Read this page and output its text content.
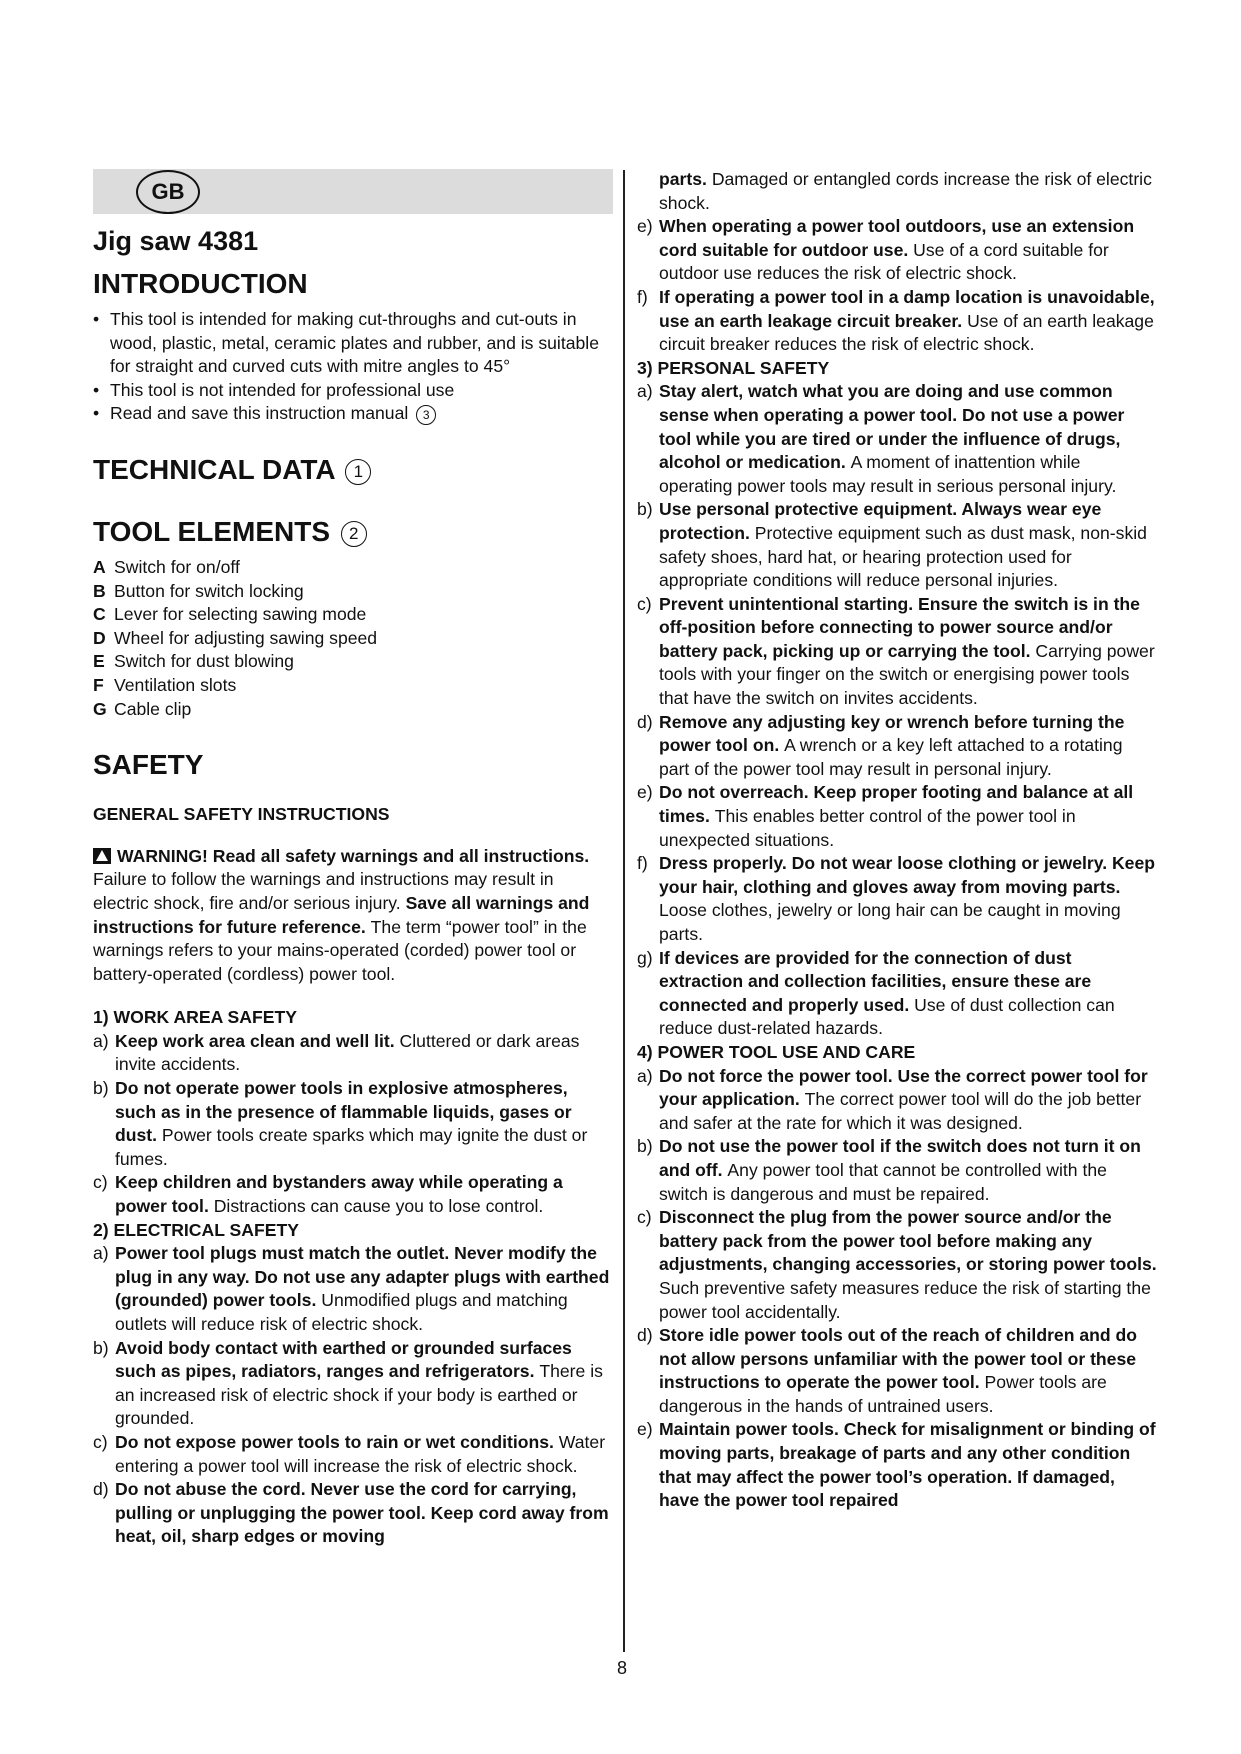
GB
Jig saw 4381
INTRODUCTION
• This tool is intended for making cut-throughs and cut-outs in wood, plastic, metal, ceramic plates and rubber, and is suitable for straight and curved cuts with mitre angles to 45°
• This tool is not intended for professional use
• Read and save this instruction manual 3
TECHNICAL DATA 1
TOOL ELEMENTS 2
A Switch for on/off
B Button for switch locking
C Lever for selecting sawing mode
D Wheel for adjusting sawing speed
E Switch for dust blowing
F Ventilation slots
G Cable clip
SAFETY
GENERAL SAFETY INSTRUCTIONS
WARNING! Read all safety warnings and all instructions. Failure to follow the warnings and instructions may result in electric shock, fire and/or serious injury. Save all warnings and instructions for future reference. The term “power tool” in the warnings refers to your mains-operated (corded) power tool or battery-operated (cordless) power tool.
1) WORK AREA SAFETY
a) Keep work area clean and well lit. Cluttered or dark areas invite accidents.
b) Do not operate power tools in explosive atmospheres, such as in the presence of flammable liquids, gases or dust. Power tools create sparks which may ignite the dust or fumes.
c) Keep children and bystanders away while operating a power tool. Distractions can cause you to lose control.
2) ELECTRICAL SAFETY
a) Power tool plugs must match the outlet. Never modify the plug in any way. Do not use any adapter plugs with earthed (grounded) power tools. Unmodified plugs and matching outlets will reduce risk of electric shock.
b) Avoid body contact with earthed or grounded surfaces such as pipes, radiators, ranges and refrigerators. There is an increased risk of electric shock if your body is earthed or grounded.
c) Do not expose power tools to rain or wet conditions. Water entering a power tool will increase the risk of electric shock.
d) Do not abuse the cord. Never use the cord for carrying, pulling or unplugging the power tool. Keep cord away from heat, oil, sharp edges or moving
parts. Damaged or entangled cords increase the risk of electric shock.
e) When operating a power tool outdoors, use an extension cord suitable for outdoor use. Use of a cord suitable for outdoor use reduces the risk of electric shock.
f) If operating a power tool in a damp location is unavoidable, use an earth leakage circuit breaker. Use of an earth leakage circuit breaker reduces the risk of electric shock.
3) PERSONAL SAFETY
a) Stay alert, watch what you are doing and use common sense when operating a power tool. Do not use a power tool while you are tired or under the influence of drugs, alcohol or medication. A moment of inattention while operating power tools may result in serious personal injury.
b) Use personal protective equipment. Always wear eye protection. Protective equipment such as dust mask, non-skid safety shoes, hard hat, or hearing protection used for appropriate conditions will reduce personal injuries.
c) Prevent unintentional starting. Ensure the switch is in the off-position before connecting to power source and/or battery pack, picking up or carrying the tool. Carrying power tools with your finger on the switch or energising power tools that have the switch on invites accidents.
d) Remove any adjusting key or wrench before turning the power tool on. A wrench or a key left attached to a rotating part of the power tool may result in personal injury.
e) Do not overreach. Keep proper footing and balance at all times. This enables better control of the power tool in unexpected situations.
f) Dress properly. Do not wear loose clothing or jewelry. Keep your hair, clothing and gloves away from moving parts. Loose clothes, jewelry or long hair can be caught in moving parts.
g) If devices are provided for the connection of dust extraction and collection facilities, ensure these are connected and properly used. Use of dust collection can reduce dust-related hazards.
4) POWER TOOL USE AND CARE
a) Do not force the power tool. Use the correct power tool for your application. The correct power tool will do the job better and safer at the rate for which it was designed.
b) Do not use the power tool if the switch does not turn it on and off. Any power tool that cannot be controlled with the switch is dangerous and must be repaired.
c) Disconnect the plug from the power source and/or the battery pack from the power tool before making any adjustments, changing accessories, or storing power tools. Such preventive safety measures reduce the risk of starting the power tool accidentally.
d) Store idle power tools out of the reach of children and do not allow persons unfamiliar with the power tool or these instructions to operate the power tool. Power tools are dangerous in the hands of untrained users.
e) Maintain power tools. Check for misalignment or binding of moving parts, breakage of parts and any other condition that may affect the power tool’s operation. If damaged, have the power tool repaired
8
